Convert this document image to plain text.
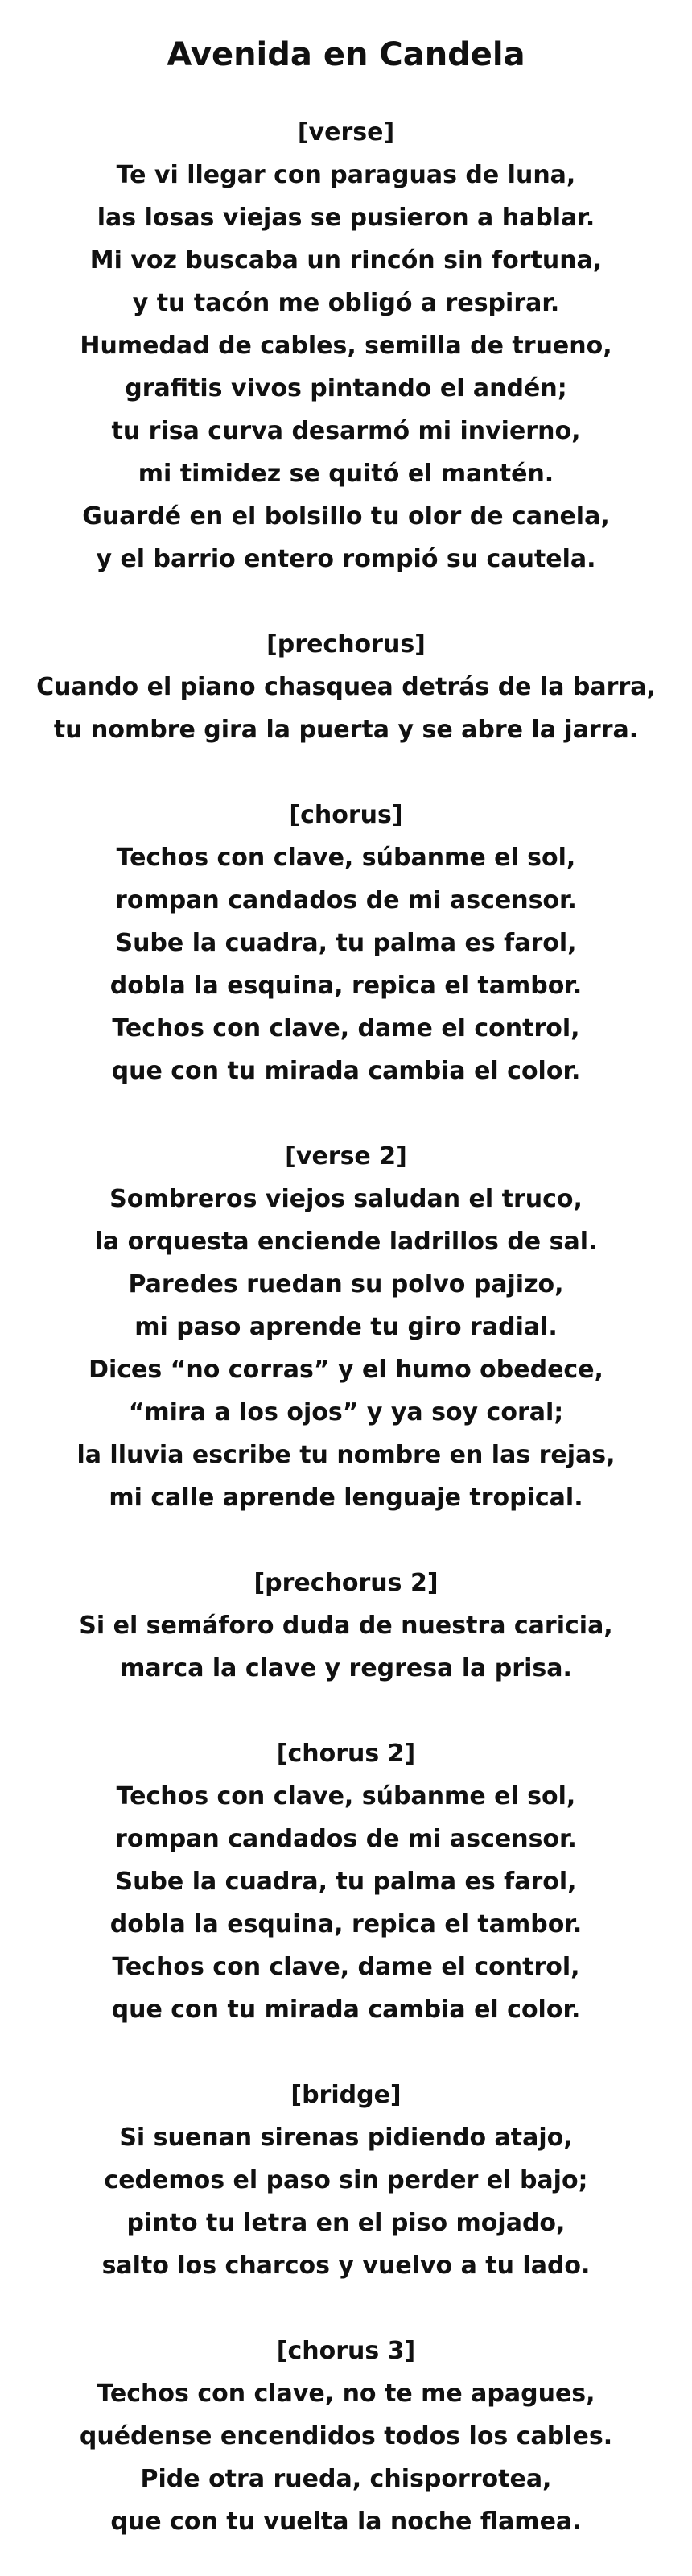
Avenida en Candela

[verse]

Te vi llegar con paraguas de luna,

las losas viejas se pusieron a hablar.

Mi voz buscaba un rincón sin fortuna,

y tu tacón me obligó a respirar.

Humedad de cables, semilla de trueno,

grafitis vivos pintando el andén;

tu risa curva desarmó mi invierno,

mi timidez se quitó el mantén.

Guardé en el bolsillo tu olor de canela,

y el barrio entero rompió su cautela.

[prechorus]

Cuando el piano chasquea detrás de la barra,

tu nombre gira la puerta y se abre la jarra.

[chorus]

Techos con clave, súbanme el sol,

rompan candados de mi ascensor.

Sube la cuadra, tu palma es farol,

dobla la esquina, repica el tambor.

Techos con clave, dame el control,

que con tu mirada cambia el color.

[verse 2]

Sombreros viejos saludan el truco,

la orquesta enciende ladrillos de sal.

Paredes ruedan su polvo pajizo,

mi paso aprende tu giro radial.

Dices “no corras” y el humo obedece,

“mira a los ojos” y ya soy coral;

la lluvia escribe tu nombre en las rejas,

mi calle aprende lenguaje tropical.

[prechorus 2]

Si el semáforo duda de nuestra caricia,

marca la clave y regresa la prisa.

[chorus 2]

Techos con clave, súbanme el sol,

rompan candados de mi ascensor.

Sube la cuadra, tu palma es farol,

dobla la esquina, repica el tambor.

Techos con clave, dame el control,

que con tu mirada cambia el color.

[bridge]

Si suenan sirenas pidiendo atajo,

cedemos el paso sin perder el bajo;

pinto tu letra en el piso mojado,

salto los charcos y vuelvo a tu lado.

[chorus 3]

Techos con clave, no te me apagues,

quédense encendidos todos los cables.

Pide otra rueda, chisporrotea,

que con tu vuelta la noche flamea.
